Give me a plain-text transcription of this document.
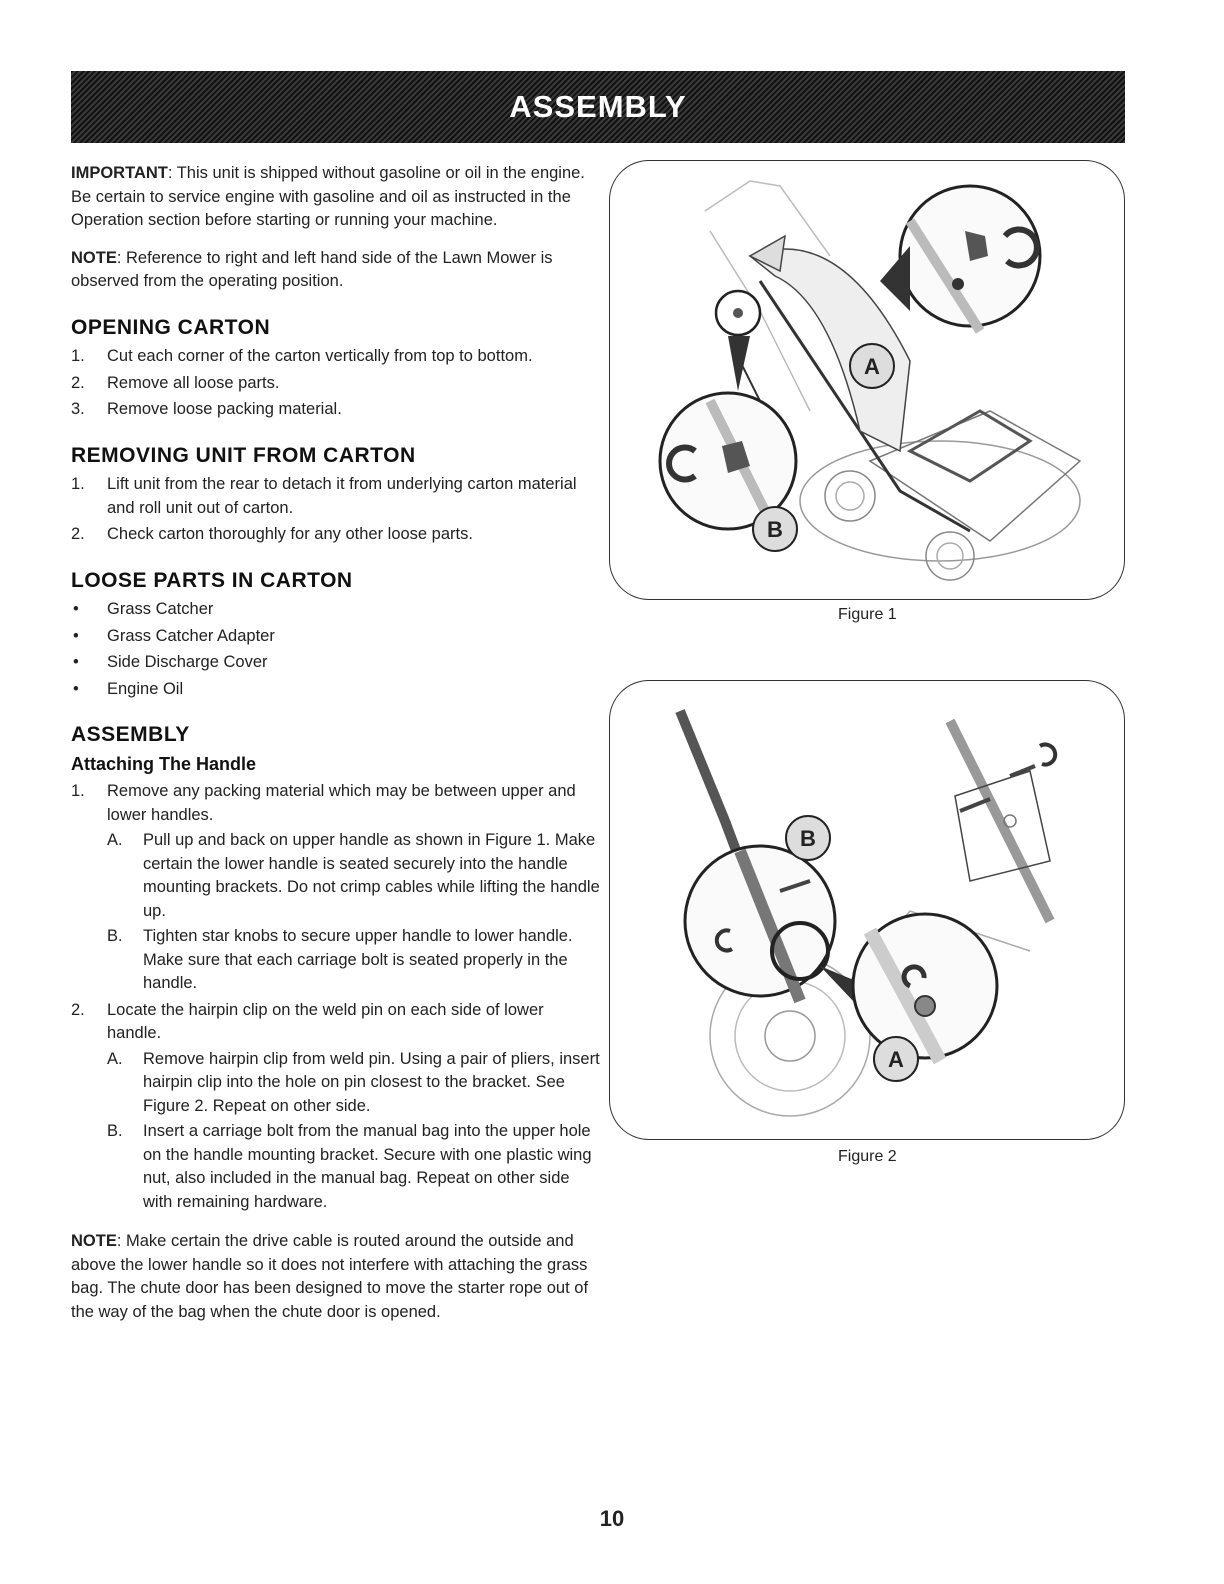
ASSEMBLY

IMPORTANT: This unit is shipped without gasoline or oil in the engine. Be certain to service engine with gasoline and oil as instructed in the Operation section before starting or running your machine.

NOTE: Reference to right and left hand side of the Lawn Mower is observed from the operating position.

OPENING CARTON
1. Cut each corner of the carton vertically from top to bottom.
2. Remove all loose parts.
3. Remove loose packing material.
REMOVING UNIT FROM CARTON
1. Lift unit from the rear to detach it from underlying carton material and roll unit out of carton.
2. Check carton thoroughly for any other loose parts.
LOOSE PARTS IN CARTON
• Grass Catcher
• Grass Catcher Adapter
• Side Discharge Cover
• Engine Oil
ASSEMBLY
Attaching The Handle
1. Remove any packing material which may be between upper and lower handles.
A. Pull up and back on upper handle as shown in Figure 1. Make certain the lower handle is seated securely into the handle mounting brackets. Do not crimp cables while lifting the handle up.
B. Tighten star knobs to secure upper handle to lower handle. Make sure that each carriage bolt is seated properly in the handle.
2. Locate the hairpin clip on the weld pin on each side of lower handle.
A. Remove hairpin clip from weld pin. Using a pair of pliers, insert hairpin clip into the hole on pin closest to the bracket. See Figure 2. Repeat on other side.
B. Insert a carriage bolt from the manual bag into the upper hole on the handle mounting bracket. Secure with one plastic wing nut, also included in the manual bag. Repeat on other side with remaining hardware.

NOTE: Make certain the drive cable is routed around the outside and above the lower handle so it does not interfere with attaching the grass bag. The chute door has been designed to move the starter rope out of the way of the bag when the chute door is opened.

A
B
Figure 1
B
A
Figure 2
10
